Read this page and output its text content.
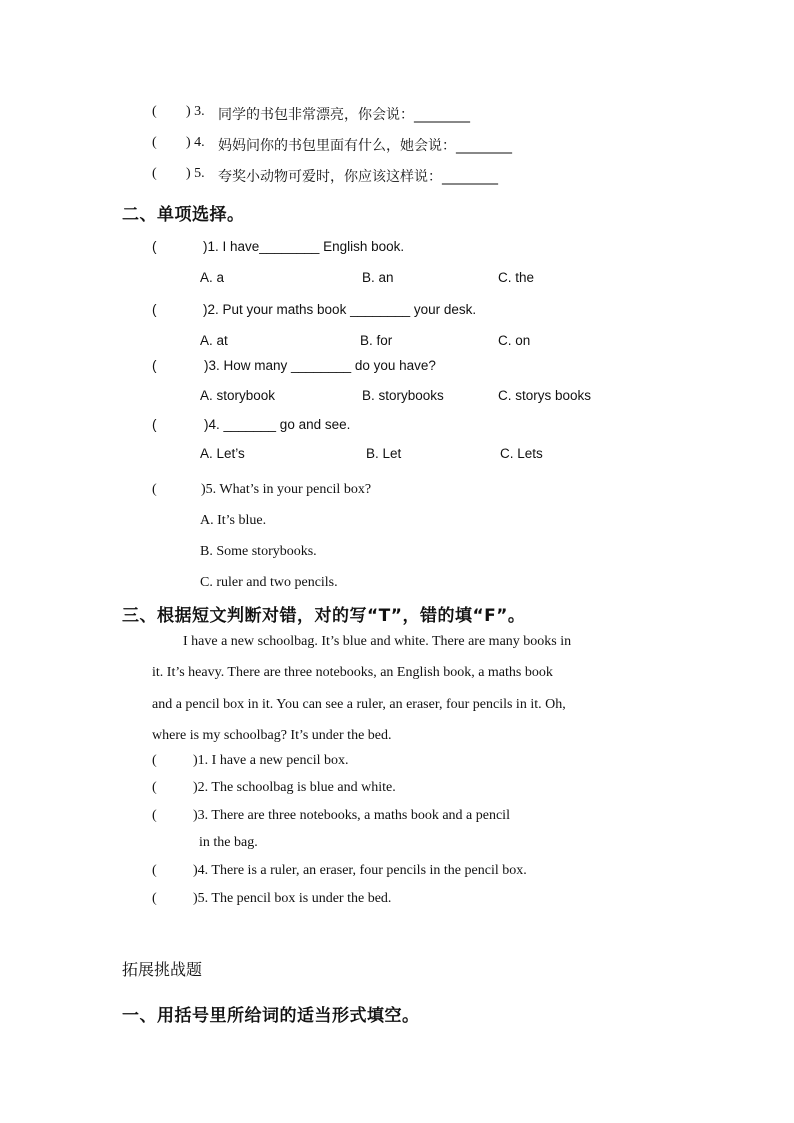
( ) 3. 同学的书包非常漂亮，你会说：________
( ) 4. 妈妈问你的书包里面有什么，她会说：________
( ) 5. 夸奖小动物可爱时，你应该这样说：________
二、单项选择。
(	)1. I have________ English book.
A. a	B. an	C. the
(	)2. Put your maths book ________ your desk.
A. at	B. for	C. on
(	)3. How many ________ do you have?
A. storybook	B. storybooks	C. storys books
(	)4. _______ go and see.
A. Let’s	B. Let	C. Lets
(	)5. What’s in your pencil box?
A. It’s blue.
B. Some storybooks.
C. ruler and two pencils.
三、根据短文判断对错，对的写“T”，错的填“F”。
I have a new schoolbag. It’s blue and white. There are many books in
it. It’s heavy. There are three notebooks, an English book, a maths book
and a pencil box in it. You can see a ruler, an eraser, four pencils in it. Oh,
where is my schoolbag? It’s under the bed.
(	)1. I have a new pencil box.
(	)2. The schoolbag is blue and white.
(	)3. There are three notebooks, a maths book and a pencil
in the bag.
(	)4. There is a ruler, an eraser, four pencils in the pencil box.
(	)5. The pencil box is under the bed.
拓展挑战题
一、用括号里所给词的适当形式填空。
